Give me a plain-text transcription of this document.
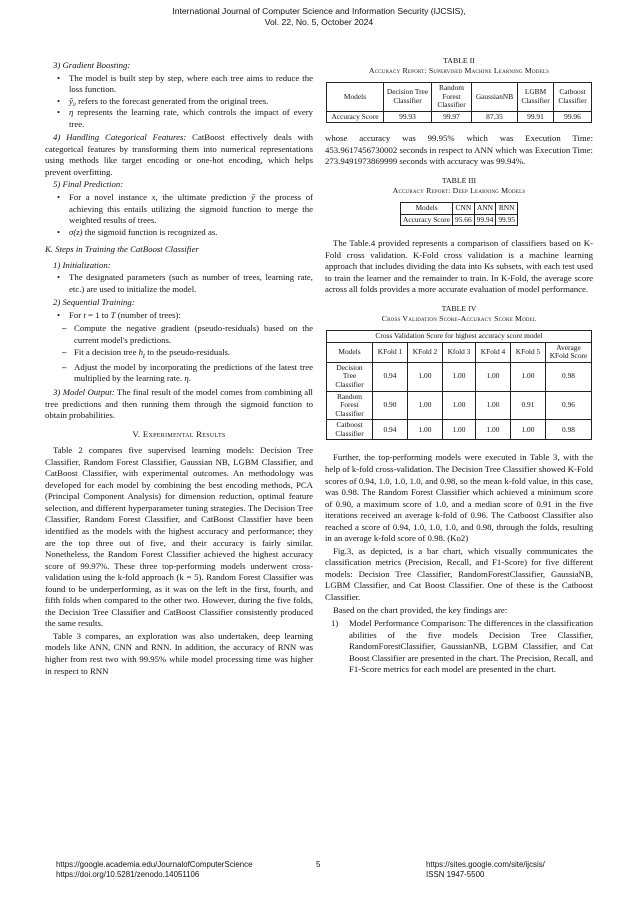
International Journal of Computer Science and Information Security (IJCSIS),
Vol. 22, No. 5, October 2024
3) Gradient Boosting:
• The model is built step by step, where each tree aims to reduce the loss function.
• ŷ₀ refers to the forecast generated from the original trees.
• η represents the learning rate, which controls the impact of every tree.

4) Handling Categorical Features: CatBoost effectively deals with categorical features by transforming them into numerical representations using methods like target encoding or one-hot encoding, which helps prevent overfitting.

5) Final Prediction:
• For a novel instance x, the ultimate prediction ŷ the process of achieving this entails utilizing the sigmoid function to merge the weighted results of trees.
• σ(z) the sigmoid function is recognized as.
K. Steps in Training the CatBoost Classifier
1) Initialization:
• The designated parameters (such as number of trees, learning rate, etc.) are used to initialize the model.
2) Sequential Training:
• For t = 1 to T (number of trees):
– Compute the negative gradient (pseudo-residuals) based on the current model's predictions.
– Fit a decision tree $h_t$ to the pseudo-residuals.
– Adjust the model by incorporating the predictions of the latest tree multiplied by the learning rate. η.

3) Model Output: The final result of the model comes from combining all tree predictions and then running them through the sigmoid function to obtain probabilities.

V. Experimental Results

Table 2 compares five supervised learning models: Decision Tree Classifier, Random Forest Classifier, Gaussian NB, LGBM Classifier, and CatBoost Classifier, with experimental outcomes. An methodology was developed for each model by combining the best encoding methods, PCA (Principal Component Analysis) for dimension reduction, optimal feature selection, and different hyperparameter tuning strategies. The Decision Tree Classifier, Random Forest Classifier, and CatBoost Classifier have been identified as the models with the highest accuracy and performance; they are the top three out of five, and their accuracy is fairly similar. Nonetheless, the Random Forest Classifier achieved the highest accuracy score of 99.97%. These three top-performing models underwent cross-validation using the k-fold approach (k = 5). Random Forest Classifier was found to be underperforming, as it was on the left in the first, fourth, and fifth folds when compared to the other two. However, during the five folds, the Decision Tree Classifier and CatBoost Classifier consistently produced the same results.

Table 3 compares, an exploration was also undertaken, deep learning models like ANN, CNN and RNN. In addition, the accuracy of RNN was higher from rest two with 99.95% while model processing time was higher in respect to RNN

TABLE II
Accuracy Report: Supervised Machine Learning Models
Models	Decision Tree Classifier	Random Forest Classifier	GaussianNB	LGBM Classifier	Catboost Classifier
Accuracy Score	99.93	99.97	87.35	99.91	99.96

whose accuracy was 99.95% which was Execution Time: 453.9617456730002 seconds in respect to ANN which was Execution Time: 273.9491973869999 seconds with accuracy was 99.94%.

TABLE III
Accuracy Report: Deep Learning Models
Models	CNN	ANN	RNN
Accuracy Score	95.66	99.94	99.95

The Table.4 provided represents a comparison of classifiers based on K-Fold cross validation. K-Fold cross validation is a machine learning approach that includes dividing the data into Ks subsets, with each test used to train the learner and the remainder to train. In K-Fold, the average score across all folds provides a more accurate evaluation of model performance.

TABLE IV
Cross Validation Score-Accuracy Score Model
Cross Validation Score for highest accuracy score model						
Models	KFold 1	KFold 2	Kfold 3	KFold 4	KFold 5	Average KFold Score
Decision Tree Classifier	0.94	1.00	1.00	1.00	1.00	0.98
Random Forest Classifier	0.90	1.00	1.00	1.00	0.91	0.96
Catboost Classifier	0.94	1.00	1.00	1.00	1.00	0.98

Further, the top-performing models were executed in Table 3, with the help of k-fold cross-validation. The Decision Tree Classifier showed K-Fold scores of 0.94, 1.0, 1.0, 1.0, and 0.98, so the mean k-fold value, in this case, was 0.98. The Random Forest Classifier which achieved a minimum score of 0.90, a maximum score of 1.0, and a median score of 0.91 in the five iterations received an average k-fold of 0.96. The Catboost Classifier also reached a score of 0.94, 1.0, 1.0, 1.0, and 0.98, through the folds, resulting in an average k-fold score of 0.98. (Ko2)

Fig.3, as depicted, is a bar chart, which visually communicates the classification metrics (Precision, Recall, and F1-Score) for five different models: Decision Tree Classifier, RandomForestClassifier, GaussiaNB, LGBM Classifier, and Cat Boost Classifier. One of these is the Catboost Classifier.

Based on the chart provided, the key findings are:

1) Model Performance Comparison: The differences in the classification abilities of the five models Decision Tree Classifier, RandomForestClassifier, GaussianNB, LGBM Classifier, and Cat Boost Classifier are presented in the chart. The Precision, Recall, and F1-Score metrics for each model are presented in the chart.
https://google.academia.edu/JournalofComputerScience
https://doi.org/10.5281/zenodo.14051106
5	https://sites.google.com/site/ijcsis/
ISSN 1947-5500
